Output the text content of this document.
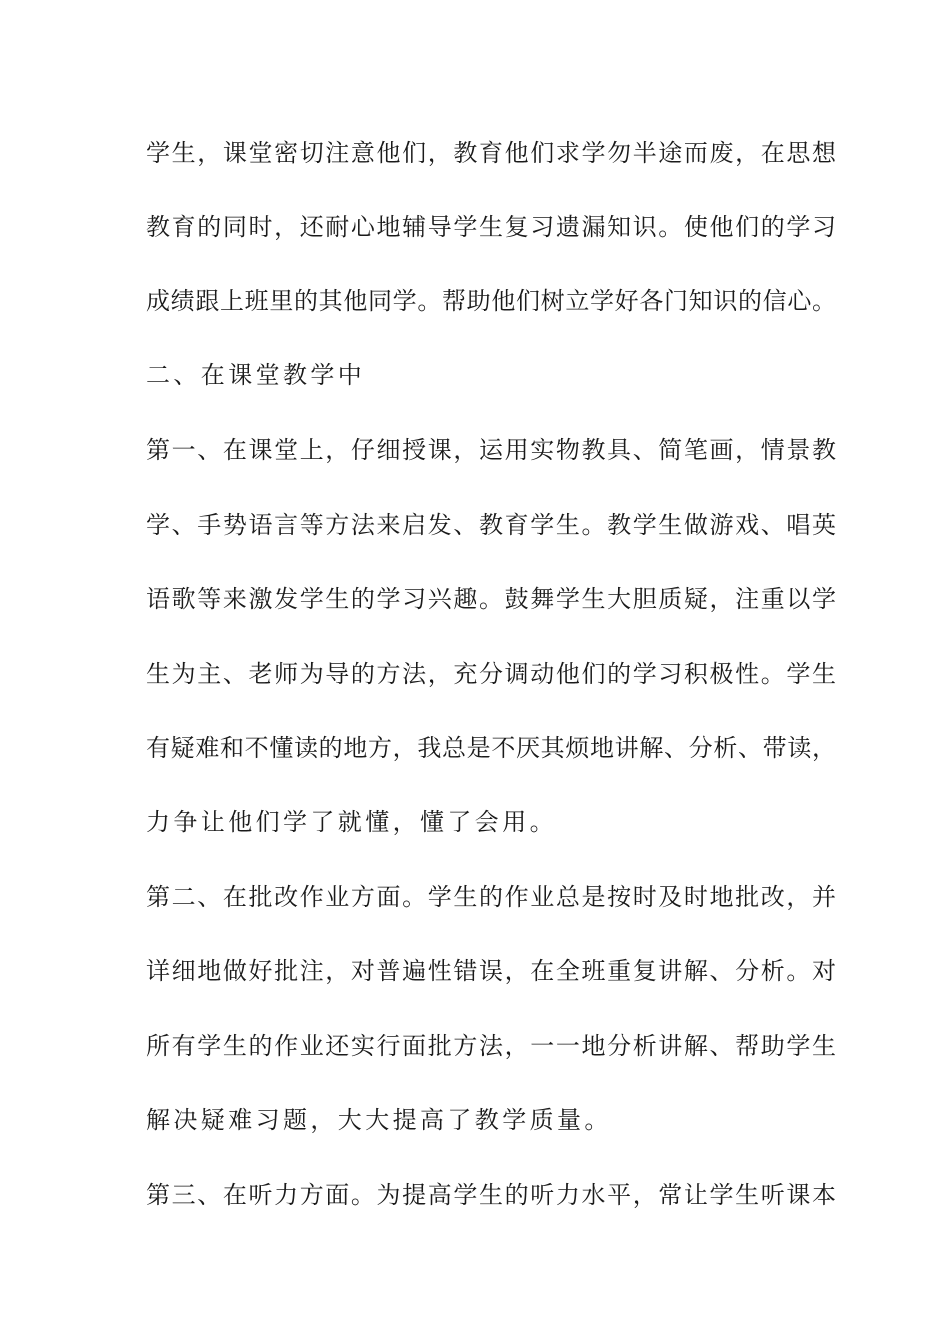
学生，课堂密切注意他们，教育他们求学勿半途而废，在思想
教育的同时，还耐心地辅导学生复习遗漏知识。使他们的学习
成绩跟上班里的其他同学。帮助他们树立学好各门知识的信心。
二、在课堂教学中
第一、在课堂上，仔细授课，运用实物教具、简笔画，情景教
学、手势语言等方法来启发、教育学生。教学生做游戏、唱英
语歌等来激发学生的学习兴趣。鼓舞学生大胆质疑，注重以学
生为主、老师为导的方法，充分调动他们的学习积极性。学生
有疑难和不懂读的地方，我总是不厌其烦地讲解、分析、带读，
力争让他们学了就懂，懂了会用。
第二、在批改作业方面。学生的作业总是按时及时地批改，并
详细地做好批注，对普遍性错误，在全班重复讲解、分析。对
所有学生的作业还实行面批方法，一一地分析讲解、帮助学生
解决疑难习题，大大提高了教学质量。
第三、在听力方面。为提高学生的听力水平，常让学生听课本
